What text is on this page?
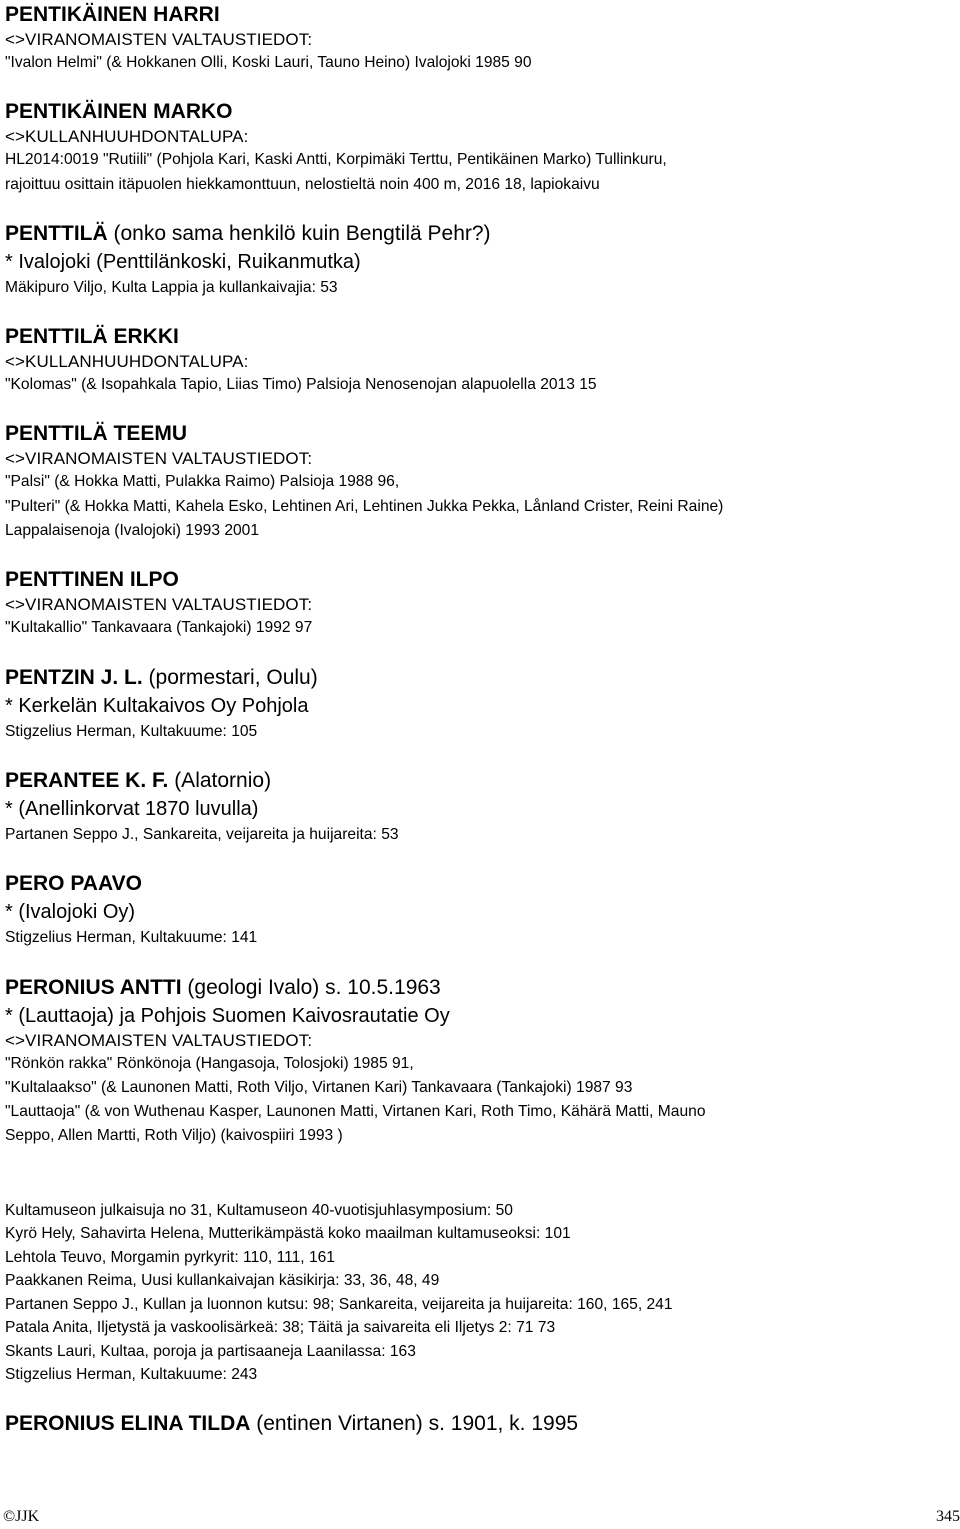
PENTIKÄINEN HARRI

<>VIRANOMAISTEN VALTAUSTIEDOT:

"Ivalon Helmi" (& Hokkanen Olli, Koski Lauri, Tauno Heino) Ivalojoki 1985 90

PENTIKÄINEN MARKO

<>KULLANHUUHDONTALUPA:

HL2014:0019 "Rutiili" (Pohjola Kari, Kaski Antti, Korpimäki Terttu, Pentikäinen Marko) Tullinkuru,

rajoittuu osittain itäpuolen hiekkamonttuun, nelostieltä noin 400 m, 2016 18, lapiokaivu

PENTTILÄ (onko sama henkilö kuin Bengtilä Pehr?)

* Ivalojoki (Penttilänkoski, Ruikanmutka)

Mäkipuro Viljo, Kulta Lappia ja kullankaivajia: 53

PENTTILÄ ERKKI

<>KULLANHUUHDONTALUPA:

"Kolomas" (& Isopahkala Tapio, Liias Timo) Palsioja Nenosenojan alapuolella 2013 15

PENTTILÄ TEEMU

<>VIRANOMAISTEN VALTAUSTIEDOT:

"Palsi" (& Hokka Matti, Pulakka Raimo) Palsioja 1988 96,

"Pulteri" (& Hokka Matti, Kahela Esko, Lehtinen Ari, Lehtinen Jukka Pekka, Lånland Crister, Reini Raine)

Lappalaisenoja (Ivalojoki) 1993 2001

PENTTINEN ILPO

<>VIRANOMAISTEN VALTAUSTIEDOT:

"Kultakallio" Tankavaara (Tankajoki) 1992 97

PENTZIN J. L. (pormestari, Oulu)

* Kerkelän Kultakaivos Oy Pohjola

Stigzelius Herman, Kultakuume: 105

PERANTEE K. F. (Alatornio)

* (Anellinkorvat 1870 luvulla)

Partanen Seppo J., Sankareita, veijareita ja huijareita: 53

PERO PAAVO

* (Ivalojoki Oy)

Stigzelius Herman, Kultakuume: 141

PERONIUS ANTTI (geologi Ivalo) s. 10.5.1963

* (Lauttaoja) ja Pohjois Suomen Kaivosrautatie Oy

<>VIRANOMAISTEN VALTAUSTIEDOT:

"Rönkön rakka" Rönkönoja (Hangasoja, Tolosjoki) 1985 91,

"Kultalaakso" (& Launonen Matti, Roth Viljo, Virtanen Kari) Tankavaara (Tankajoki) 1987 93

"Lauttaoja" (& von Wuthenau Kasper, Launonen Matti, Virtanen Kari, Roth Timo, Kähärä Matti, Mauno

Seppo, Allen Martti, Roth Viljo) (kaivospiiri 1993 )

Kultamuseon julkaisuja no 31, Kultamuseon 40-vuotisjuhlasymposium: 50

Kyrö Hely, Sahavirta Helena, Mutterikämpästä koko maailman kultamuseoksi: 101

Lehtola Teuvo, Morgamin pyrkyrit: 110, 111, 161

Paakkanen Reima, Uusi kullankaivajan käsikirja: 33, 36, 48, 49

Partanen Seppo J., Kullan ja luonnon kutsu: 98; Sankareita, veijareita ja huijareita: 160, 165, 241

Patala Anita, Iljetystä ja vaskoolisärkeä: 38; Täitä ja saivareita eli Iljetys 2: 71 73

Skants Lauri, Kultaa, poroja ja partisaaneja Laanilassa: 163

Stigzelius Herman, Kultakuume: 243

PERONIUS ELINA TILDA (entinen Virtanen) s. 1901, k. 1995

©JJK	345
